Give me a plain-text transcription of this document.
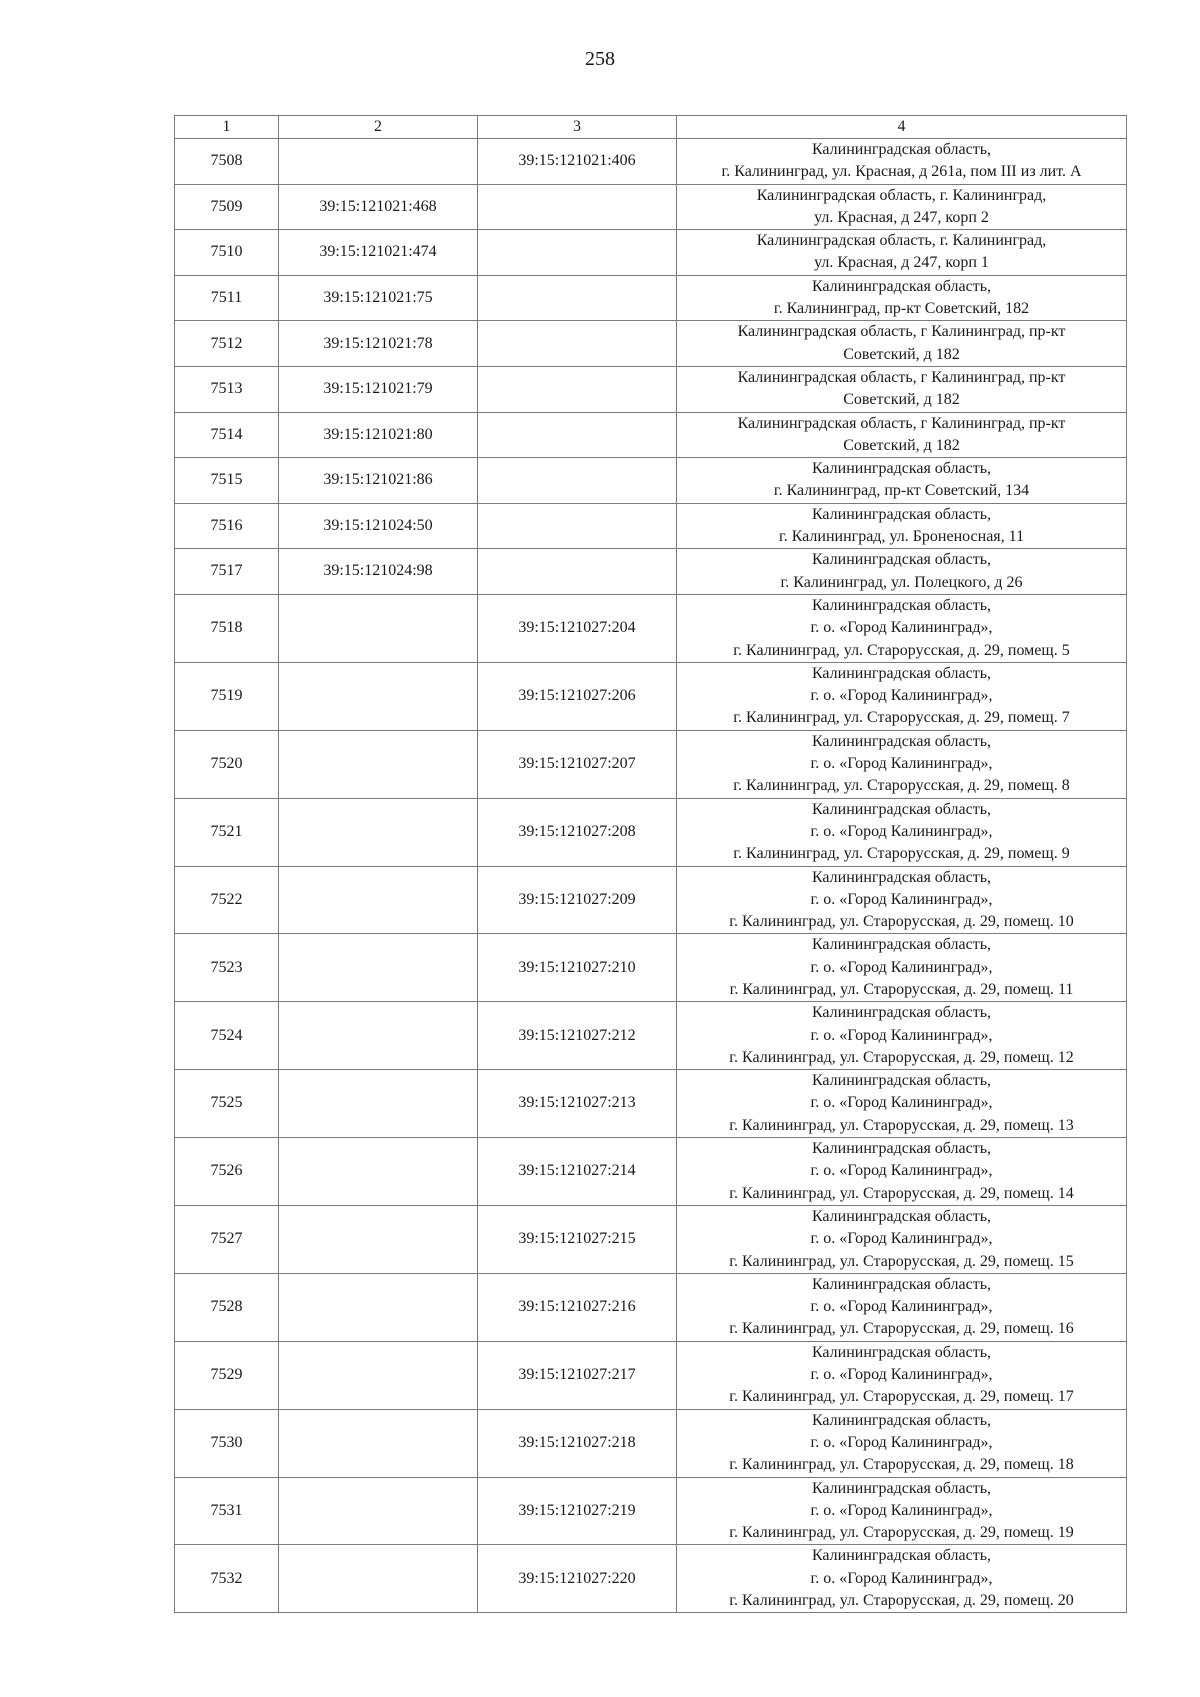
258
1	2	3	4
7508		39:15:121021:406	Калининградская область,
г. Калининград, ул. Красная, д 261а, пом III из лит. А

7509	39:15:121021:468		Калининградская область, г. Калининград,
ул. Красная, д 247, корп 2

7510	39:15:121021:474		Калининградская область, г. Калининград,
ул. Красная, д 247, корп 1

7511	39:15:121021:75		Калининградская область,
г. Калининград, пр-кт Советский, 182

7512	39:15:121021:78		Калининградская область, г Калининград, пр-кт
Советский, д 182

7513	39:15:121021:79		Калининградская область, г Калининград, пр-кт
Советский, д 182

7514	39:15:121021:80		Калининградская область, г Калининград, пр-кт
Советский, д 182

7515	39:15:121021:86		Калининградская область,
г. Калининград, пр-кт Советский, 134

7516	39:15:121024:50		Калининградская область,
г. Калининград, ул. Броненосная, 11

7517	39:15:121024:98		Калининградская область,
г. Калининград, ул. Полецкого, д 26

7518		39:15:121027:204	Калининградская область,
г. о. «Город Калининград»,
г. Калининград, ул. Старорусская, д. 29, помещ. 5

7519		39:15:121027:206	Калининградская область,
г. о. «Город Калининград»,
г. Калининград, ул. Старорусская, д. 29, помещ. 7

7520		39:15:121027:207	Калининградская область,
г. о. «Город Калининград»,
г. Калининград, ул. Старорусская, д. 29, помещ. 8

7521		39:15:121027:208	Калининградская область,
г. о. «Город Калининград»,
г. Калининград, ул. Старорусская, д. 29, помещ. 9

7522		39:15:121027:209	Калининградская область,
г. о. «Город Калининград»,
г. Калининград, ул. Старорусская, д. 29, помещ. 10

7523		39:15:121027:210	Калининградская область,
г. о. «Город Калининград»,
г. Калининград, ул. Старорусская, д. 29, помещ. 11

7524		39:15:121027:212	Калининградская область,
г. о. «Город Калининград»,
г. Калининград, ул. Старорусская, д. 29, помещ. 12

7525		39:15:121027:213	Калининградская область,
г. о. «Город Калининград»,
г. Калининград, ул. Старорусская, д. 29, помещ. 13

7526		39:15:121027:214	Калининградская область,
г. о. «Город Калининград»,
г. Калининград, ул. Старорусская, д. 29, помещ. 14

7527		39:15:121027:215	Калининградская область,
г. о. «Город Калининград»,
г. Калининград, ул. Старорусская, д. 29, помещ. 15

7528		39:15:121027:216	Калининградская область,
г. о. «Город Калининград»,
г. Калининград, ул. Старорусская, д. 29, помещ. 16

7529		39:15:121027:217	Калининградская область,
г. о. «Город Калининград»,
г. Калининград, ул. Старорусская, д. 29, помещ. 17

7530		39:15:121027:218	Калининградская область,
г. о. «Город Калининград»,
г. Калининград, ул. Старорусская, д. 29, помещ. 18

7531		39:15:121027:219	Калининградская область,
г. о. «Город Калининград»,
г. Калининград, ул. Старорусская, д. 29, помещ. 19

7532		39:15:121027:220	Калининградская область,
г. о. «Город Калининград»,
г. Калининград, ул. Старорусская, д. 29, помещ. 20
